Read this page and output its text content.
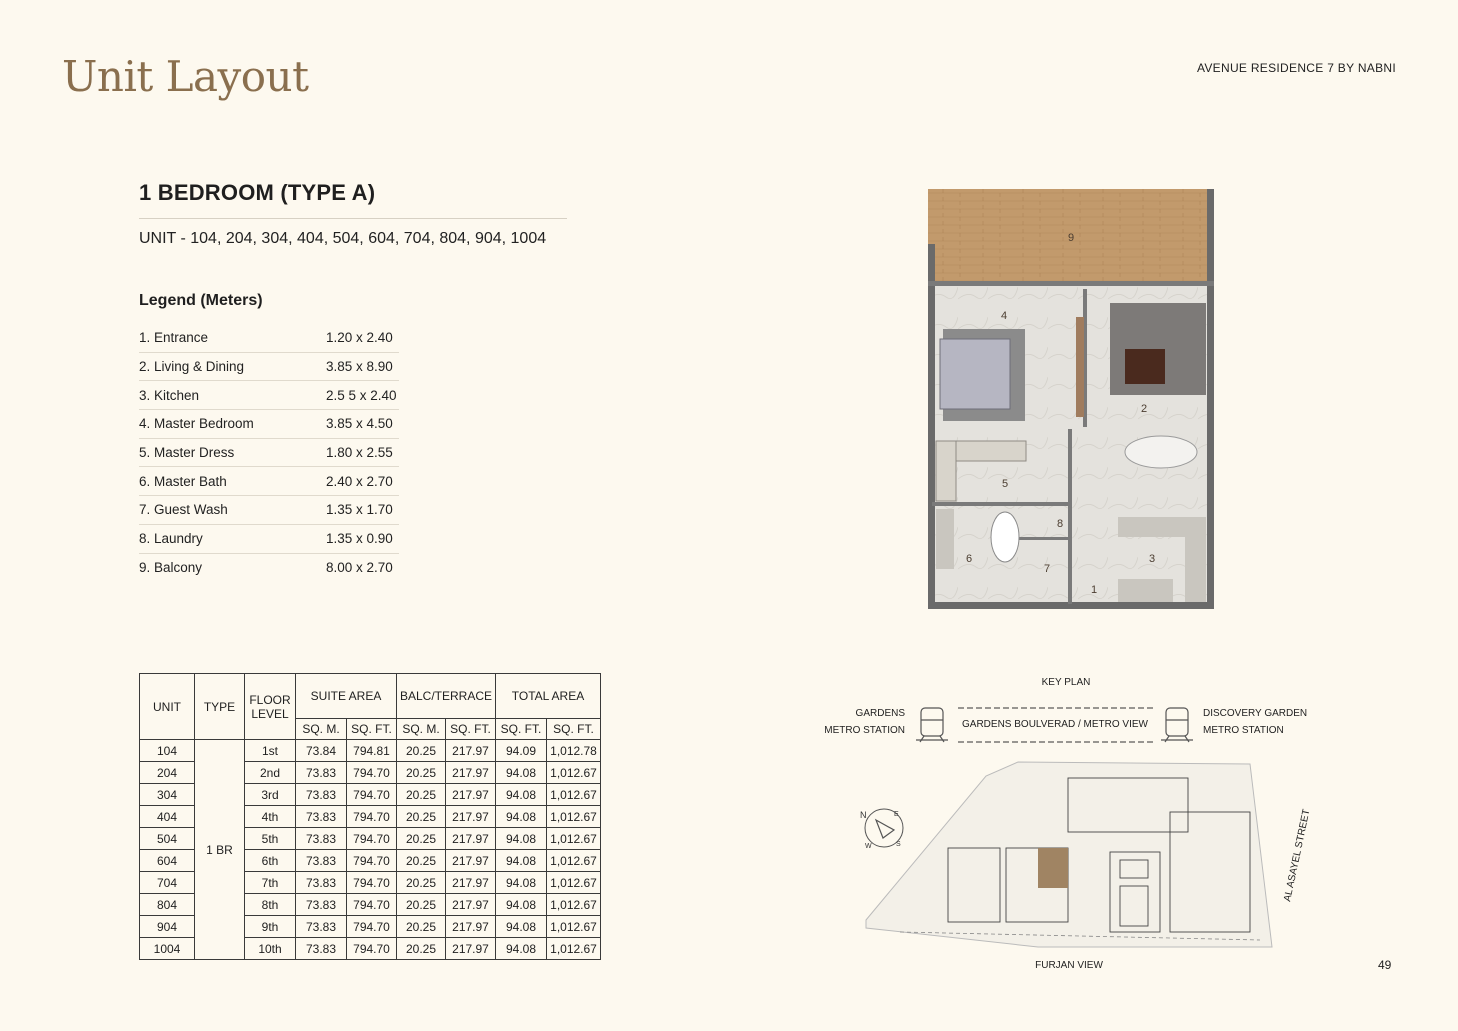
Unit Layout	AVENUE RESIDENCE 7 BY NABNI
1 BEDROOM (TYPE A)
UNIT - 104, 204, 304, 404, 504, 604, 704, 804, 904, 1004
Legend (Meters)
1. Entrance	1.20 x 2.40
2. Living & Dining	3.85 x 8.90
3. Kitchen	2.5 5 x 2.40
4. Master Bedroom	3.85 x 4.50
5. Master Dress	1.80 x 2.55
6. Master Bath	2.40 x 2.70
7. Guest Wash	1.35 x 1.70
8. Laundry	1.35 x 0.90
9. Balcony	8.00 x 2.70
UNIT	TYPE	FLOOR LEVEL	SUITE AREA		BALC/TERRACE		TOTAL AREA	
			SQ. M.	SQ. FT.	SQ. M.	SQ. FT.	SQ. FT.	SQ. FT.
104	1 BR	1st	73.84	794.81	20.25	217.97	94.09	1,012.78
204		2nd	73.83	794.70	20.25	217.97	94.08	1,012.67
304		3rd	73.83	794.70	20.25	217.97	94.08	1,012.67
404		4th	73.83	794.70	20.25	217.97	94.08	1,012.67
504		5th	73.83	794.70	20.25	217.97	94.08	1,012.67
604		6th	73.83	794.70	20.25	217.97	94.08	1,012.67
704		7th	73.83	794.70	20.25	217.97	94.08	1,012.67
804		8th	73.83	794.70	20.25	217.97	94.08	1,012.67
904		9th	73.83	794.70	20.25	217.97	94.08	1,012.67
1004		10th	73.83	794.70	20.25	217.97	94.08	1,012.67
9
4
2
5
8
6
7
3
1
KEY PLAN
GARDENS
METRO STATION
GARDENS BOULVERAD / METRO VIEW
DISCOVERY GARDEN
METRO STATION
AL ASAYEL STREET
FURJAN VIEW
N	E
S
W
49
